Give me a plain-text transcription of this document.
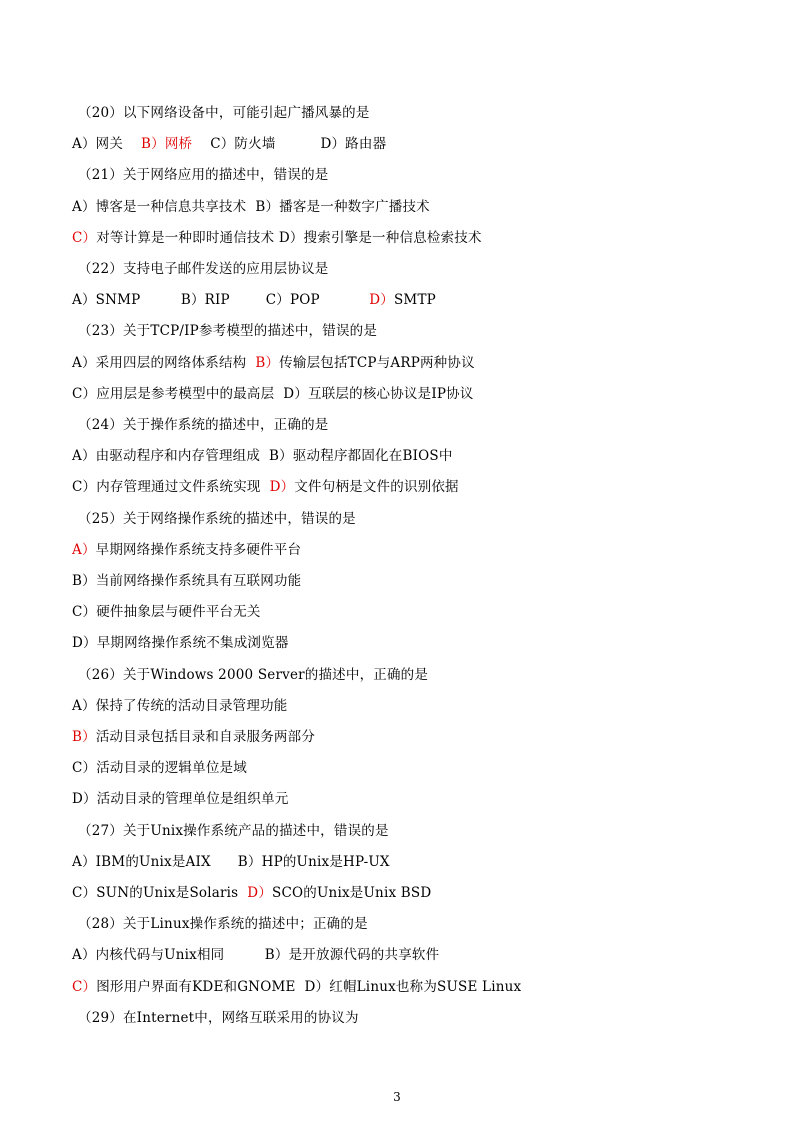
（20）以下网络设备中，可能引起广播风暴的是
A）网关    B）网桥    C）防火墙          D）路由器
（21）关于网络应用的描述中，错误的是
A）博客是一种信息共享技术  B）播客是一种数字广播技术
C）对等计算是一种即时通信技术 D）搜索引擎是一种信息检索技术
（22）支持电子邮件发送的应用层协议是
A）SNMP         B）RIP        C）POP           D）SMTP
（23）关于TCP/IP参考模型的描述中，错误的是
A）采用四层的网络体系结构  B）传输层包括TCP与ARP两种协议
C）应用层是参考模型中的最高层  D）互联层的核心协议是IP协议
（24）关于操作系统的描述中，正确的是
A）由驱动程序和内存管理组成  B）驱动程序都固化在BIOS中
C）内存管理通过文件系统实现  D）文件句柄是文件的识别依据
（25）关于网络操作系统的描述中，错误的是
A）早期网络操作系统支持多硬件平台
B）当前网络操作系统具有互联网功能
C）硬件抽象层与硬件平台无关
D）早期网络操作系统不集成浏览器
（26）关于Windows 2000 Server的描述中，正确的是
A）保持了传统的活动目录管理功能
B）活动目录包括目录和自录服务两部分
C）活动目录的逻辑单位是域
D）活动目录的管理单位是组织单元
（27）关于Unix操作系统产品的描述中，错误的是
A）IBM的Unix是AIX      B）HP的Unix是HP-UX
C）SUN的Unix是Solaris  D）SCO的Unix是Unix BSD
（28）关于Linux操作系统的描述中；正确的是
A）内核代码与Unix相同         B）是开放源代码的共享软件
C）图形用户界面有KDE和GNOME  D）红帽Linux也称为SUSE Linux
（29）在Internet中，网络互联采用的协议为
3
